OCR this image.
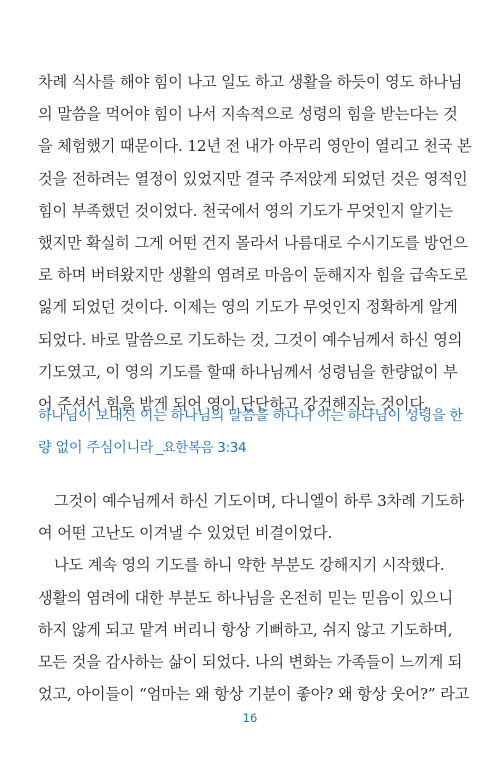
차례 식사를 해야 힘이 나고 일도 하고 생활을 하듯이 영도 하나님
의 말씀을 먹어야 힘이 나서 지속적으로 성령의 힘을 받는다는 것
을 체험했기 때문이다. 12년 전 내가 아무리 영안이 열리고 천국 본
것을 전하려는 열정이 있었지만 결국 주저앉게 되었던 것은 영적인
힘이 부족했던 것이었다. 천국에서 영의 기도가 무엇인지 알기는
했지만 확실히 그게 어떤 건지 몰라서 나름대로 수시기도를 방언으
로 하며 버텨왔지만 생활의 염려로 마음이 둔해지자 힘을 급속도로
잃게 되었던 것이다. 이제는 영의 기도가 무엇인지 정확하게 알게
되었다. 바로 말씀으로 기도하는 것, 그것이 예수님께서 하신 영의
기도였고, 이 영의 기도를 할때 하나님께서 성령님을 한량없이 부
어 주셔서 힘을 받게 되어 영이 단단하고 강건해지는 것이다.
하나님이 보내신 이는 하나님의 말씀을 하나니 이는 하나님이 성령을 한
량 없이 주심이니라 _요한복음 3:34
그것이 예수님께서 하신 기도이며, 다니엘이 하루 3차례 기도하
여 어떤 고난도 이겨낼 수 있었던 비결이었다.
나도 계속 영의 기도를 하니 약한 부분도 강해지기 시작했다.
생활의 염려에 대한 부분도 하나님을 온전히 믿는 믿음이 있으니
하지 않게 되고 맡겨 버리니 항상 기뻐하고, 쉬지 않고 기도하며,
모든 것을 감사하는 삶이 되었다. 나의 변화는 가족들이 느끼게 되
었고, 아이들이 “엄마는 왜 항상 기분이 좋아? 왜 항상 웃어?” 라고
16
